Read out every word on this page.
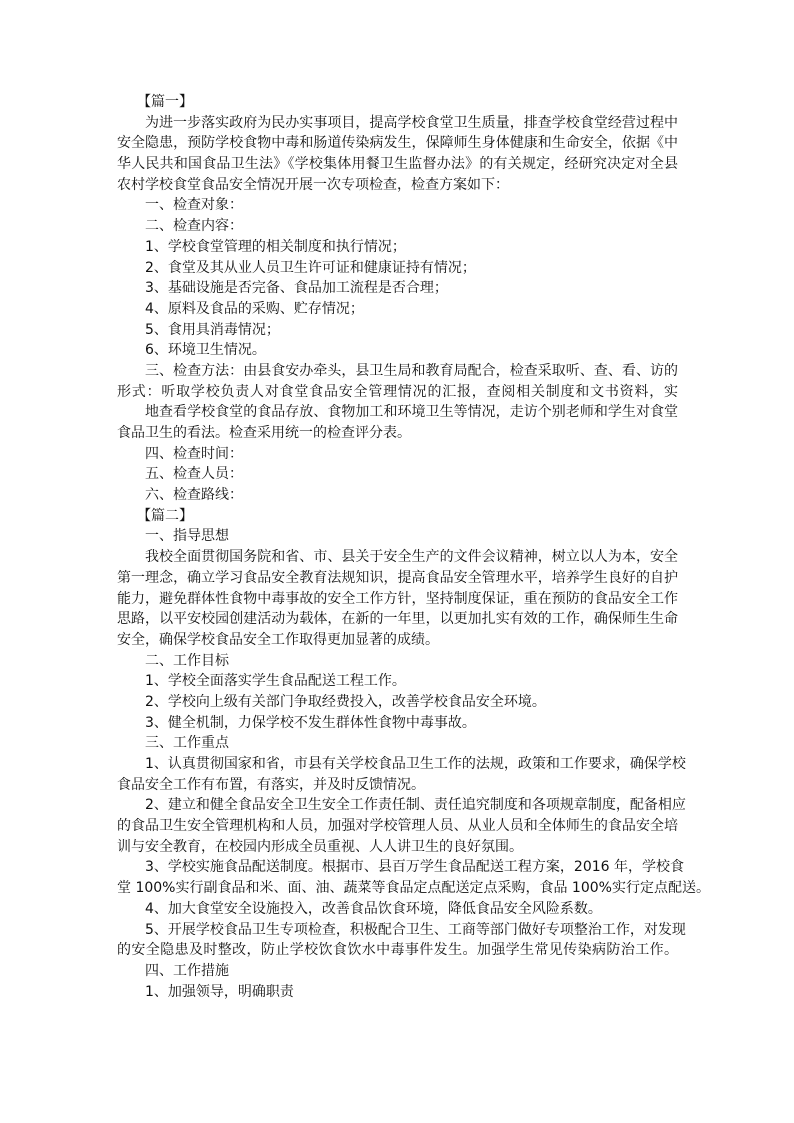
【篇一】
为进一步落实政府为民办实事项目，提高学校食堂卫生质量，排查学校食堂经营过程中
安全隐患，预防学校食物中毒和肠道传染病发生，保障师生身体健康和生命安全，依据《中
华人民共和国食品卫生法》《学校集体用餐卫生监督办法》的有关规定，经研究决定对全县
农村学校食堂食品安全情况开展一次专项检查，检查方案如下：
一、检查对象：
二、检查内容：
1、学校食堂管理的相关制度和执行情况；
2、食堂及其从业人员卫生许可证和健康证持有情况；
3、基础设施是否完备、食品加工流程是否合理；
4、原料及食品的采购、贮存情况；
5、食用具消毒情况；
6、环境卫生情况。
三、检查方法：由县食安办牵头，县卫生局和教育局配合，检查采取听、查、看、访的
形式：听取学校负责人对食堂食品安全管理情况的汇报，查阅相关制度和文书资料，实
地查看学校食堂的食品存放、食物加工和环境卫生等情况，走访个别老师和学生对食堂
食品卫生的看法。检查采用统一的检查评分表。
四、检查时间：
五、检查人员：
六、检查路线：
【篇二】
一、指导思想
我校全面贯彻国务院和省、市、县关于安全生产的文件会议精神，树立以人为本，安全
第一理念，确立学习食品安全教育法规知识，提高食品安全管理水平，培养学生良好的自护
能力，避免群体性食物中毒事故的安全工作方针，坚持制度保证，重在预防的食品安全工作
思路，以平安校园创建活动为载体，在新的一年里，以更加扎实有效的工作，确保师生生命
安全，确保学校食品安全工作取得更加显著的成绩。
二、工作目标
1、学校全面落实学生食品配送工程工作。
2、学校向上级有关部门争取经费投入，改善学校食品安全环境。
3、健全机制，力保学校不发生群体性食物中毒事故。
三、工作重点
1、认真贯彻国家和省，市县有关学校食品卫生工作的法规，政策和工作要求，确保学校
食品安全工作有布置，有落实，并及时反馈情况。
2、建立和健全食品安全卫生安全工作责任制、责任追究制度和各项规章制度，配备相应
的食品卫生安全管理机构和人员，加强对学校管理人员、从业人员和全体师生的食品安全培
训与安全教育，在校园内形成全员重视、人人讲卫生的良好氛围。
3、学校实施食品配送制度。根据市、县百万学生食品配送工程方案，2016 年，学校食
堂 100%实行副食品和米、面、油、蔬菜等食品定点配送定点采购，食品 100%实行定点配送。
4、加大食堂安全设施投入，改善食品饮食环境，降低食品安全风险系数。
5、开展学校食品卫生专项检查，积极配合卫生、工商等部门做好专项整治工作，对发现
的安全隐患及时整改，防止学校饮食饮水中毒事件发生。加强学生常见传染病防治工作。
四、工作措施
1、加强领导，明确职责
